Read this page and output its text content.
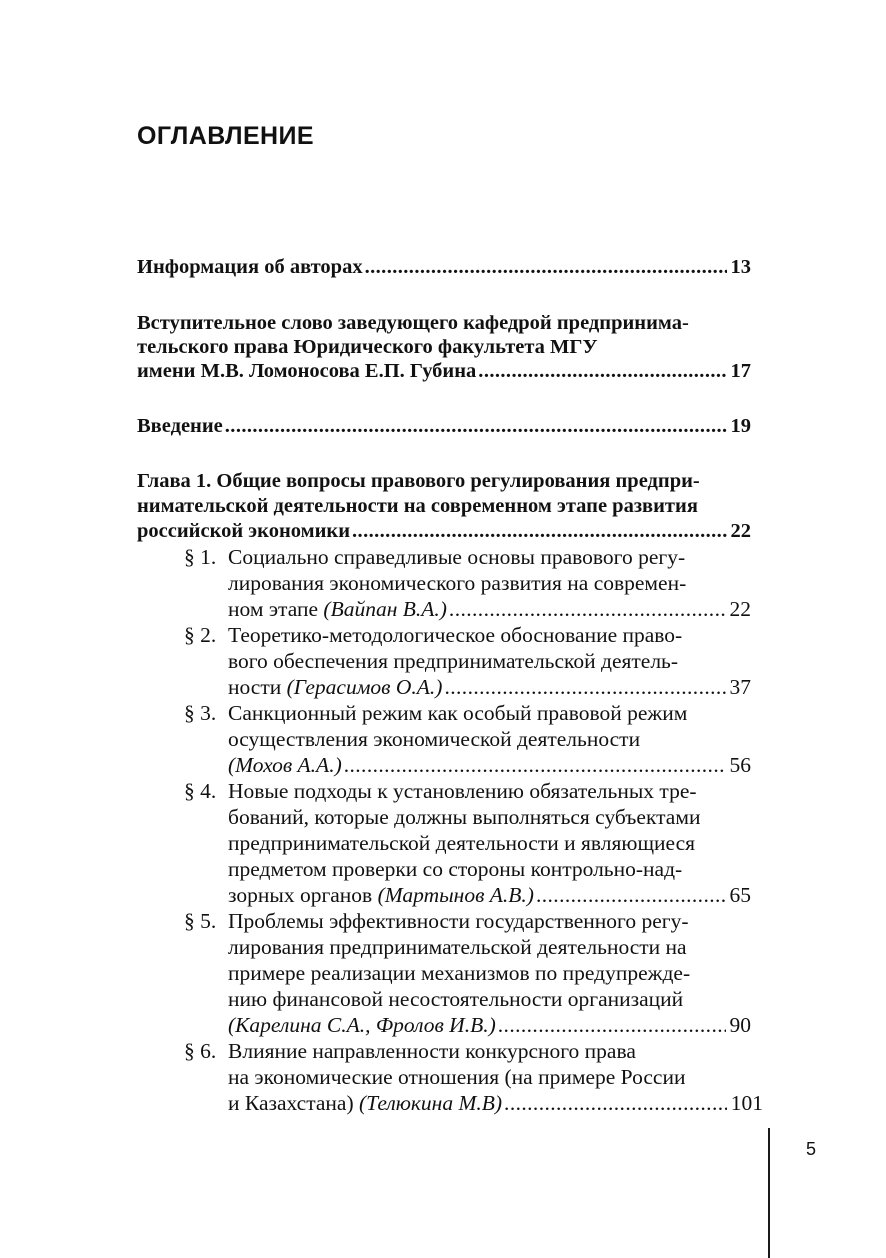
ОГЛАВЛЕНИЕ
Информация об авторах .....	13
Вступительное слово заведующего кафедрой предпринима-
тельского права Юридического факультета МГУ
имени М.В. Ломоносова Е.П. Губина .....	17
Введение .....	19
Глава 1. Общие вопросы правового регулирования предпри-
нимательской деятельности на современном этапе развития
российской экономики .....	22
§ 1. Социально справедливые основы правового регу-
лирования экономического развития на современ-
ном этапе (Вайпан В.А.) .....	22
§ 2. Теоретико-методологическое обоснование право-
вого обеспечения предпринимательской деятель-
ности (Герасимов О.А.) .....	37
§ 3. Санкционный режим как особый правовой режим
осуществления экономической деятельности
(Мохов А.А.) .....	56
§ 4. Новые подходы к установлению обязательных тре-
бований, которые должны выполняться субъектами
предпринимательской деятельности и являющиеся
предметом проверки со стороны контрольно-над-
зорных органов (Мартынов А.В.) .....	65
§ 5. Проблемы эффективности государственного регу-
лирования предпринимательской деятельности на
примере реализации механизмов по предупрежде-
нию финансовой несостоятельности организаций
(Карелина С.А., Фролов И.В.) .....	90
§ 6. Влияние направленности конкурсного права
на экономические отношения (на примере России
и Казахстана) (Телюкина М.В) .....	101
5
